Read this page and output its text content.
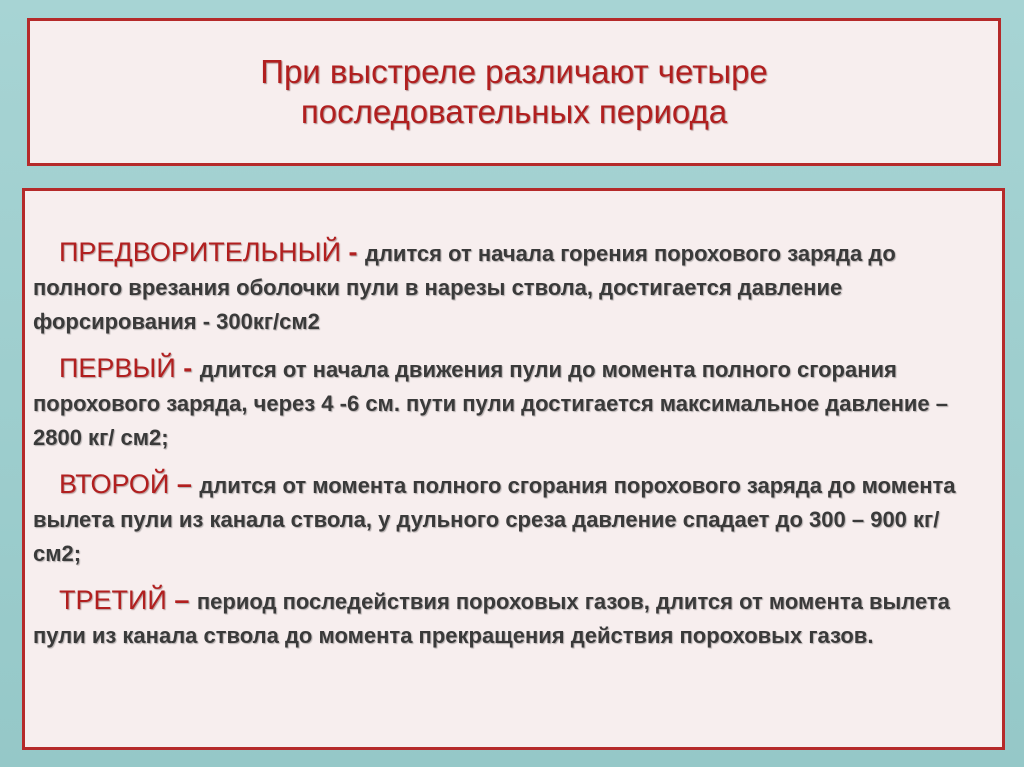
При выстреле различают четыре
последовательных периода

ПРЕДВОРИТЕЛЬНЫЙ - длится от начала горения порохового заряда до полного врезания оболочки пули в нарезы ствола, достигается давление форсирования - 300кг/см2

ПЕРВЫЙ - длится от начала движения пули до момента полного сгорания порохового заряда, через 4 -6 см. пути пули достигается максимальное давление – 2800 кг/ см2;

ВТОРОЙ – длится от момента полного сгорания порохового заряда до момента вылета пули из канала ствола, у дульного среза давление спадает до 300 – 900 кг/ см2;

ТРЕТИЙ – период последействия пороховых газов, длится от момента вылета пули из канала ствола до момента прекращения действия пороховых газов.
